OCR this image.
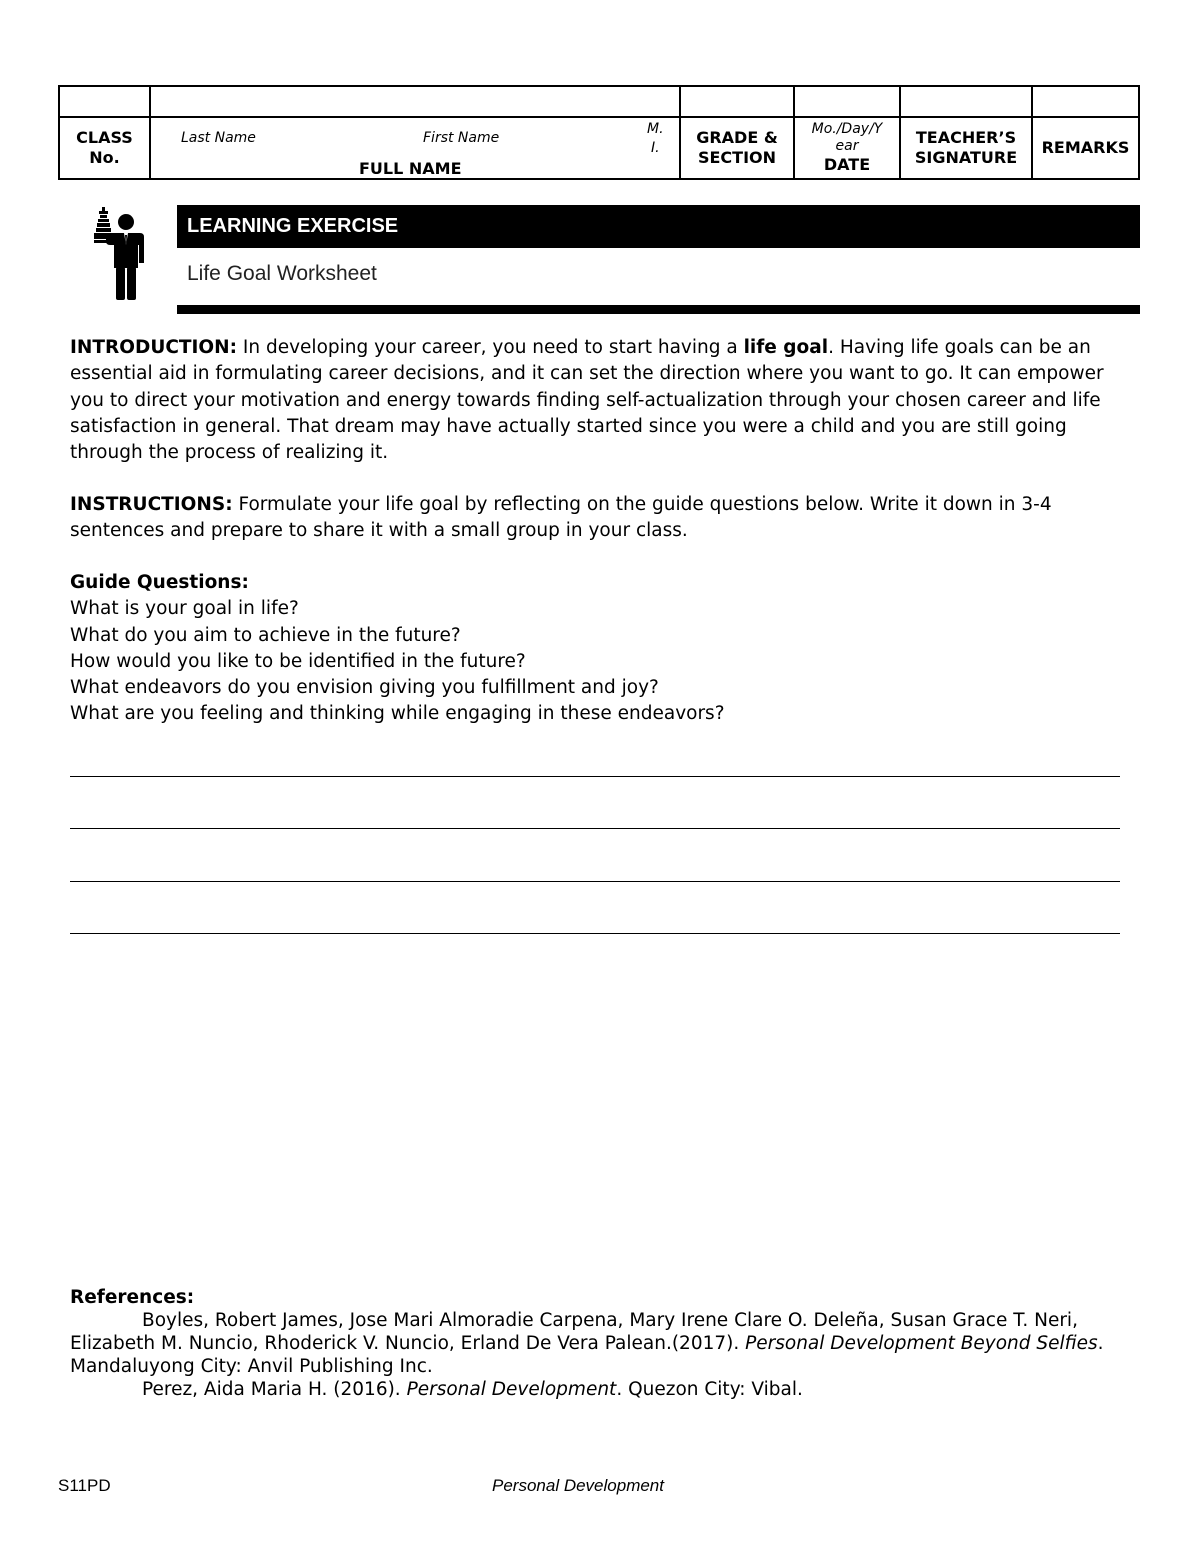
CLASS
No.
Last Name	First Name
FULL NAME
M.
I.
GRADE &
SECTION
Mo./Day/Y
ear
DATE
TEACHER’S
SIGNATURE
REMARKS
LEARNING EXERCISE
Life Goal Worksheet
INTRODUCTION: In developing your career, you need to start having a life goal. Having life goals can be an essential aid in formulating career decisions, and it can set the direction where you want to go. It can empower you to direct your motivation and energy towards finding self-actualization through your chosen career and life satisfaction in general. That dream may have actually started since you were a child and you are still going through the process of realizing it.
INSTRUCTIONS: Formulate your life goal by reflecting on the guide questions below. Write it down in 3-4 sentences and prepare to share it with a small group in your class.

Guide Questions:

What is your goal in life?

What do you aim to achieve in the future?

How would you like to be identified in the future?

What endeavors do you envision giving you fulfillment and joy?

What are you feeling and thinking while engaging in these endeavors?

References:

Boyles, Robert James, Jose Mari Almoradie Carpena, Mary Irene Clare O. Deleña, Susan Grace T. Neri, Elizabeth M. Nuncio, Rhoderick V. Nuncio, Erland De Vera Palean.(2017). Personal Development Beyond Selfies. Mandaluyong City: Anvil Publishing Inc.

Perez, Aida Maria H. (2016). Personal Development. Quezon City: Vibal.

S11PD	Personal Development
